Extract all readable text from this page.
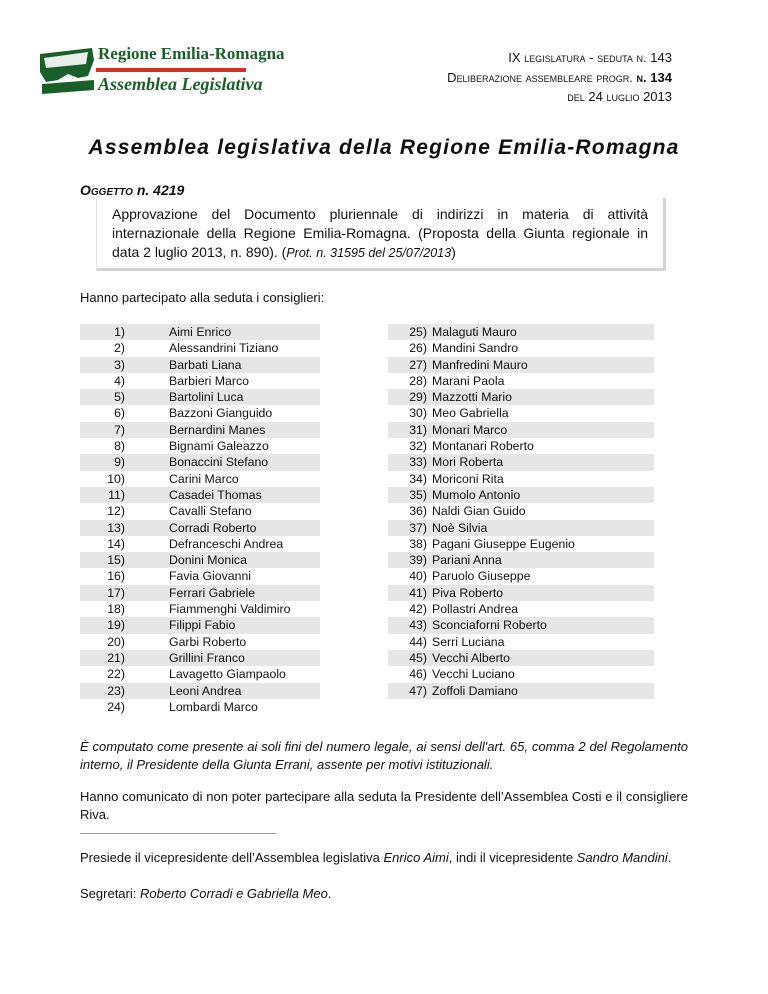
Regione Emilia-Romagna
Assemblea Legislativa
IX legislatura - seduta n. 143
Deliberazione assembleare progr. n. 134
del 24 luglio 2013
Assemblea legislativa della Regione Emilia-Romagna
Oggetto n. 4219
Approvazione del Documento pluriennale di indirizzi in materia di attività internazionale della Regione Emilia-Romagna. (Proposta della Giunta regionale in data 2 luglio 2013, n. 890). (Prot. n. 31595 del 25/07/2013)
Hanno partecipato alla seduta i consiglieri:
1)	Aimi Enrico
2)	Alessandrini Tiziano
3)	Barbati Liana
4)	Barbieri Marco
5)	Bartolini Luca
6)	Bazzoni Gianguido
7)	Bernardini Manes
8)	Bignami Galeazzo
9)	Bonaccini Stefano
10)	Carini Marco
11)	Casadei Thomas
12)	Cavalli Stefano
13)	Corradi Roberto
14)	Defranceschi Andrea
15)	Donini Monica
16)	Favia Giovanni
17)	Ferrari Gabriele
18)	Fiammenghi Valdimiro
19)	Filippi Fabio
20)	Garbi Roberto
21)	Grillini Franco
22)	Lavagetto Giampaolo
23)	Leoni Andrea
24)	Lombardi Marco
25) Malaguti Mauro
26) Mandini Sandro
27) Manfredini Mauro
28) Marani Paola
29) Mazzotti Mario
30) Meo Gabriella
31) Monari Marco
32) Montanari Roberto
33) Mori Roberta
34) Moriconi Rita
35) Mumolo Antonio
36) Naldi Gian Guido
37) Noè Silvia
38) Pagani Giuseppe Eugenio
39) Pariani Anna
40) Paruolo Giuseppe
41) Piva Roberto
42) Pollastri Andrea
43) Sconciaforni Roberto
44) Serri Luciana
45) Vecchi Alberto
46) Vecchi Luciano
47) Zoffoli Damiano
È computato come presente ai soli fini del numero legale, ai sensi dell'art. 65, comma 2 del Regolamento interno, il Presidente della Giunta Errani, assente per motivi istituzionali.
Hanno comunicato di non poter partecipare alla seduta la Presidente dell’Assemblea Costi e il consigliere Riva.
Presiede il vicepresidente dell’Assemblea legislativa Enrico Aimi, indi il vicepresidente Sandro Mandini.
Segretari: Roberto Corradi e Gabriella Meo.
